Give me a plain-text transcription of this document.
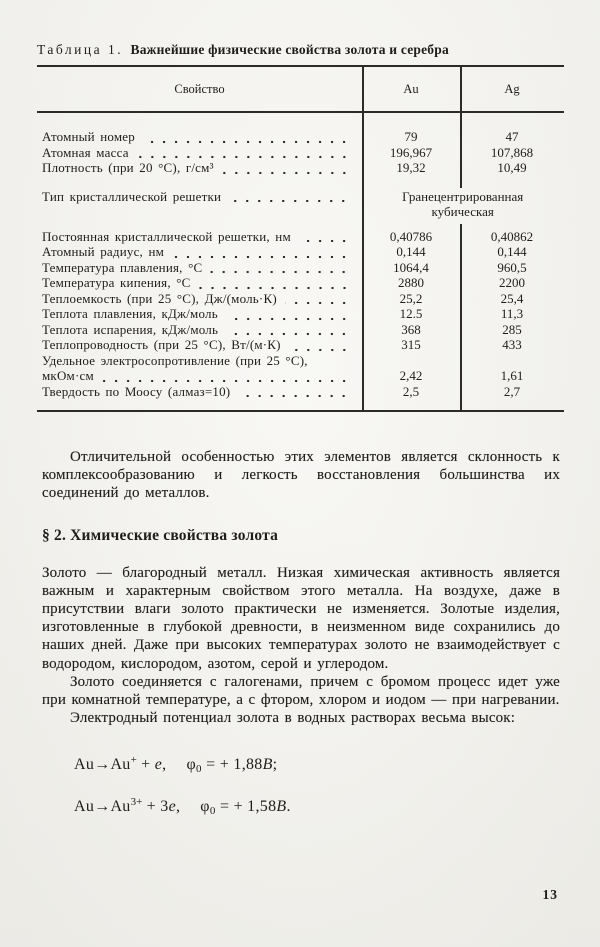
Таблица 1. Важнейшие физические свойства золота и серебра
Свойство	Au	Ag
Атомный номер	79	47
Атомная масса	196,967	107,868
Плотность (при 20 °С), г/см³	19,32	10,49
Тип кристаллической решетки	Гранецентрированная
кубическая
Постоянная кристаллической решетки, нм	0,40786	0,40862
Атомный радиус, нм	0,144	0,144
Температура плавления, °С	1064,4	960,5
Температура кипения, °С	2880	2200
Теплоемкость (при 25 °С), Дж/(моль·К)	25,2	25,4
Теплота плавления, кДж/моль	12.5	11,3
Теплота испарения, кДж/моль	368	285
Теплопроводность (при 25 °С), Вт/(м·К)	315	433
Удельное электросопротивление (при 25 °С),
мкОм·см	2,42	1,61
Твердость по Моосу (алмаз=10)	2,5	2,7

Отличительной особенностью этих элементов является склонность к комплексообразованию и легкость восстановления большинства их соединений до металлов.

§ 2. Химические свойства золота

Золото — благородный металл. Низкая химическая активность является важным и характерным свойством этого металла. На воздухе, даже в присутствии влаги золото практически не изменяется. Золотые изделия, изготовленные в глубокой древности, в неизменном виде сохранились до наших дней. Даже при высоких температурах золото не взаимодействует с водородом, кислородом, азотом, серой и углеродом.

Золото соединяется с галогенами, причем с бромом процесс идет уже при комнатной температуре, а с фтором, хлором и иодом — при нагревании.

Электродный потенциал золота в водных растворах весьма высок:

Au→Au+ + e, $\varphi_0$ = + 1,88В;
$Au\to Au^{3+} + 3e$, $\varphi_0$ = + 1,58В.
13
